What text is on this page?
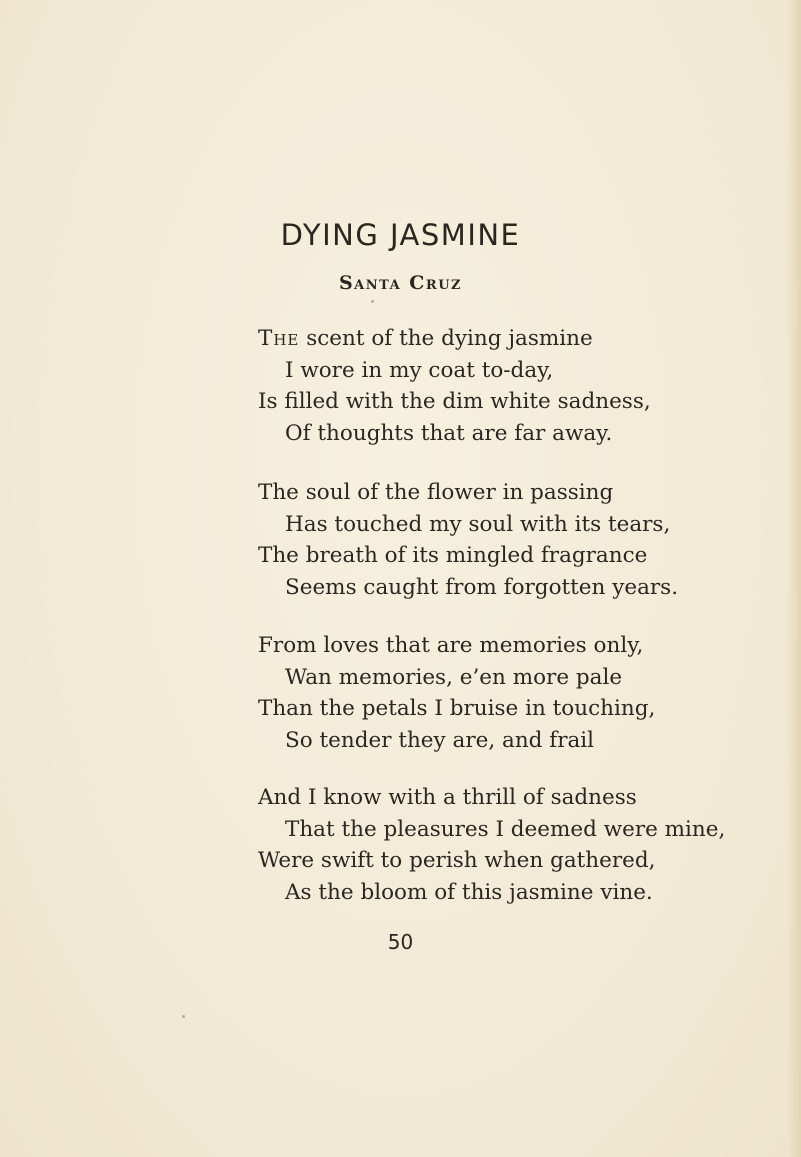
DYING JASMINE
Santa Cruz
The scent of the dying jasmine
I wore in my coat to-day,
Is filled with the dim white sadness,
Of thoughts that are far away.
The soul of the flower in passing
Has touched my soul with its tears,
The breath of its mingled fragrance
Seems caught from forgotten years.
From loves that are memories only,
Wan memories, e’en more pale
Than the petals I bruise in touching,
So tender they are, and frail
And I know with a thrill of sadness
That the pleasures I deemed were mine,
Were swift to perish when gathered,
As the bloom of this jasmine vine.

50
